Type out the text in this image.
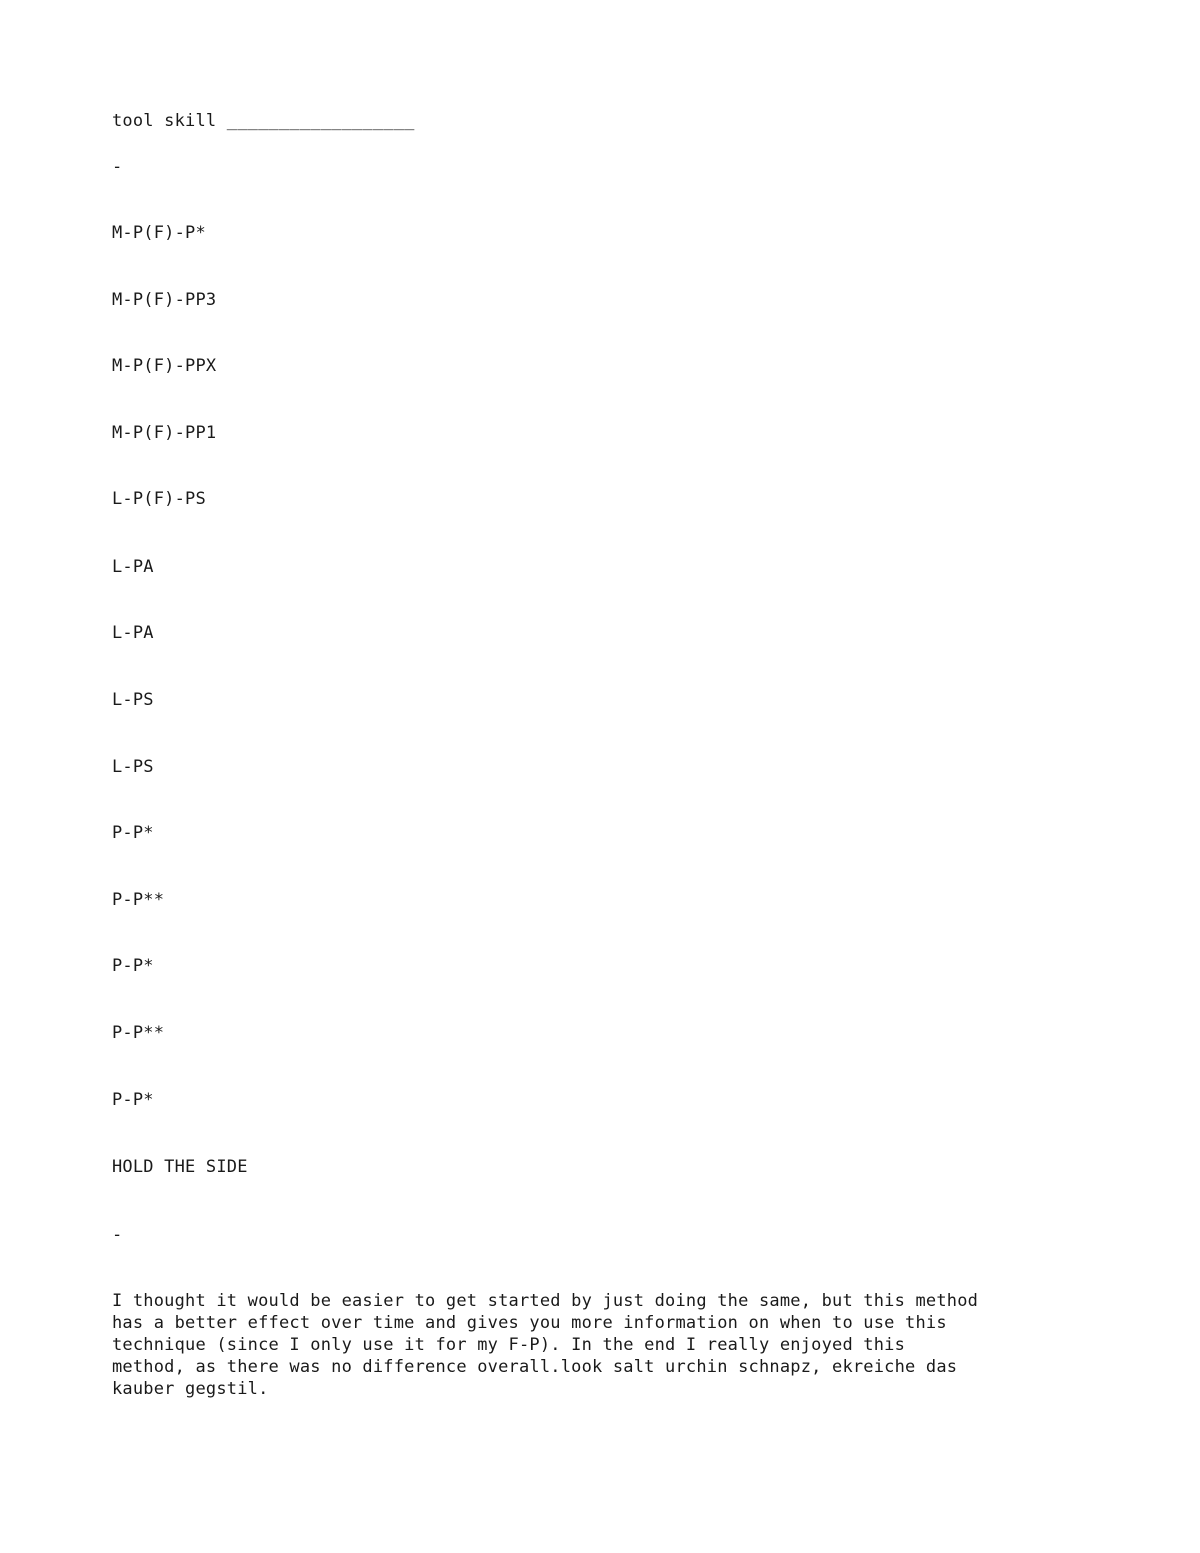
tool skill __________________
-
M-P(F)-P*
M-P(F)-PP3
M-P(F)-PPX
M-P(F)-PP1
L-P(F)-PS
L-PA
L-PA
L-PS
L-PS
P-P*
P-P**
P-P*
P-P**
P-P*
HOLD THE SIDE
-
I thought it would be easier to get started by just doing the same, but this method
has a better effect over time and gives you more information on when to use this
technique (since I only use it for my F-P). In the end I really enjoyed this
method, as there was no difference overall.look salt urchin schnapz, ekreiche das
kauber gegstil.
